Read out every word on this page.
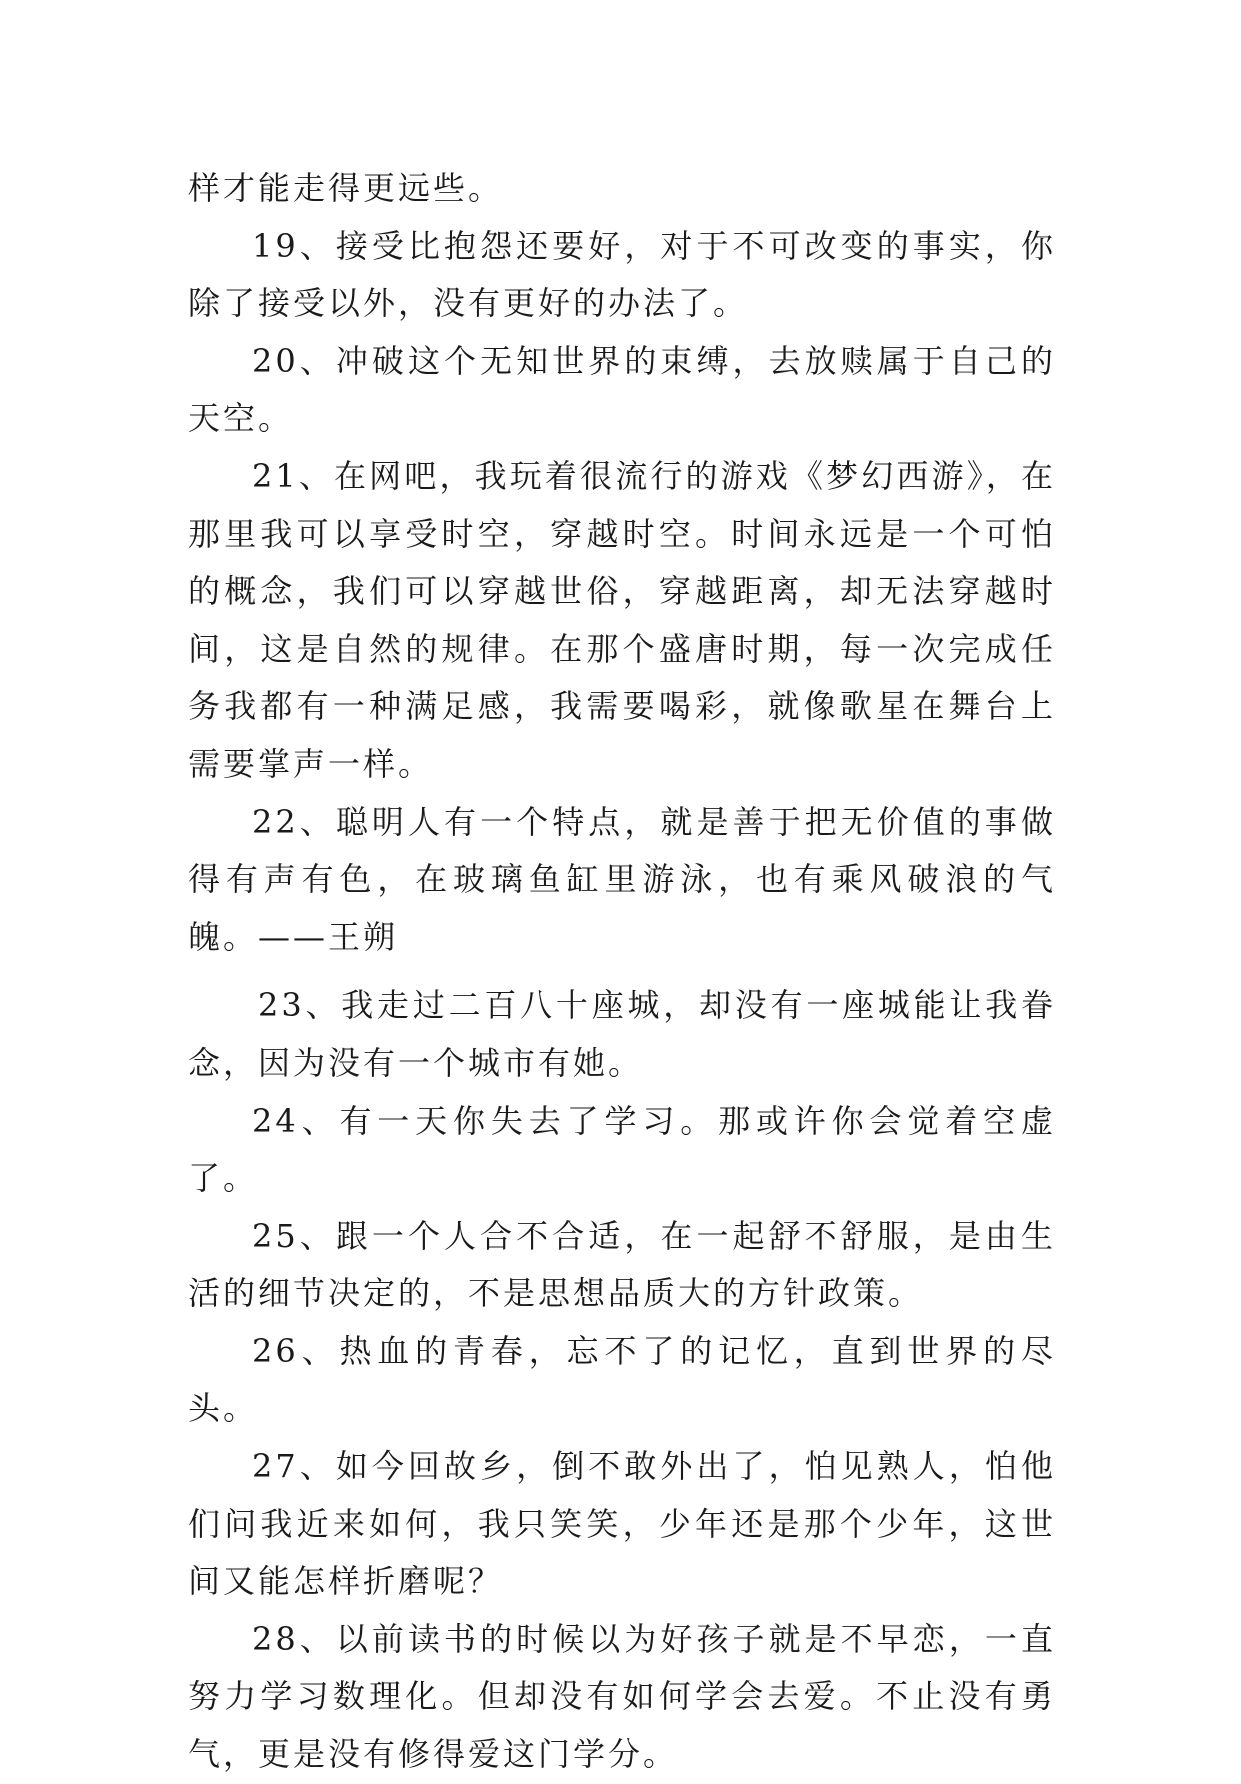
样才能走得更远些。

19、接受比抱怨还要好，对于不可改变的事实，你除了接受以外，没有更好的办法了。

20、冲破这个无知世界的束缚，去放赎属于自己的天空。

21、在网吧，我玩着很流行的游戏《梦幻西游》，在那里我可以享受时空，穿越时空。时间永远是一个可怕的概念，我们可以穿越世俗，穿越距离，却无法穿越时间，这是自然的规律。在那个盛唐时期，每一次完成任务我都有一种满足感，我需要喝彩，就像歌星在舞台上需要掌声一样。

22、聪明人有一个特点，就是善于把无价值的事做得有声有色，在玻璃鱼缸里游泳，也有乘风破浪的气魄。——王朔

23、我走过二百八十座城，却没有一座城能让我眷念，因为没有一个城市有她。

24、有一天你失去了学习。那或许你会觉着空虚了。

25、跟一个人合不合适，在一起舒不舒服，是由生活的细节决定的，不是思想品质大的方针政策。

26、热血的青春，忘不了的记忆，直到世界的尽头。

27、如今回故乡，倒不敢外出了，怕见熟人，怕他们问我近来如何，我只笑笑，少年还是那个少年，这世间又能怎样折磨呢？

28、以前读书的时候以为好孩子就是不早恋，一直努力学习数理化。但却没有如何学会去爱。不止没有勇气，更是没有修得爱这门学分。
